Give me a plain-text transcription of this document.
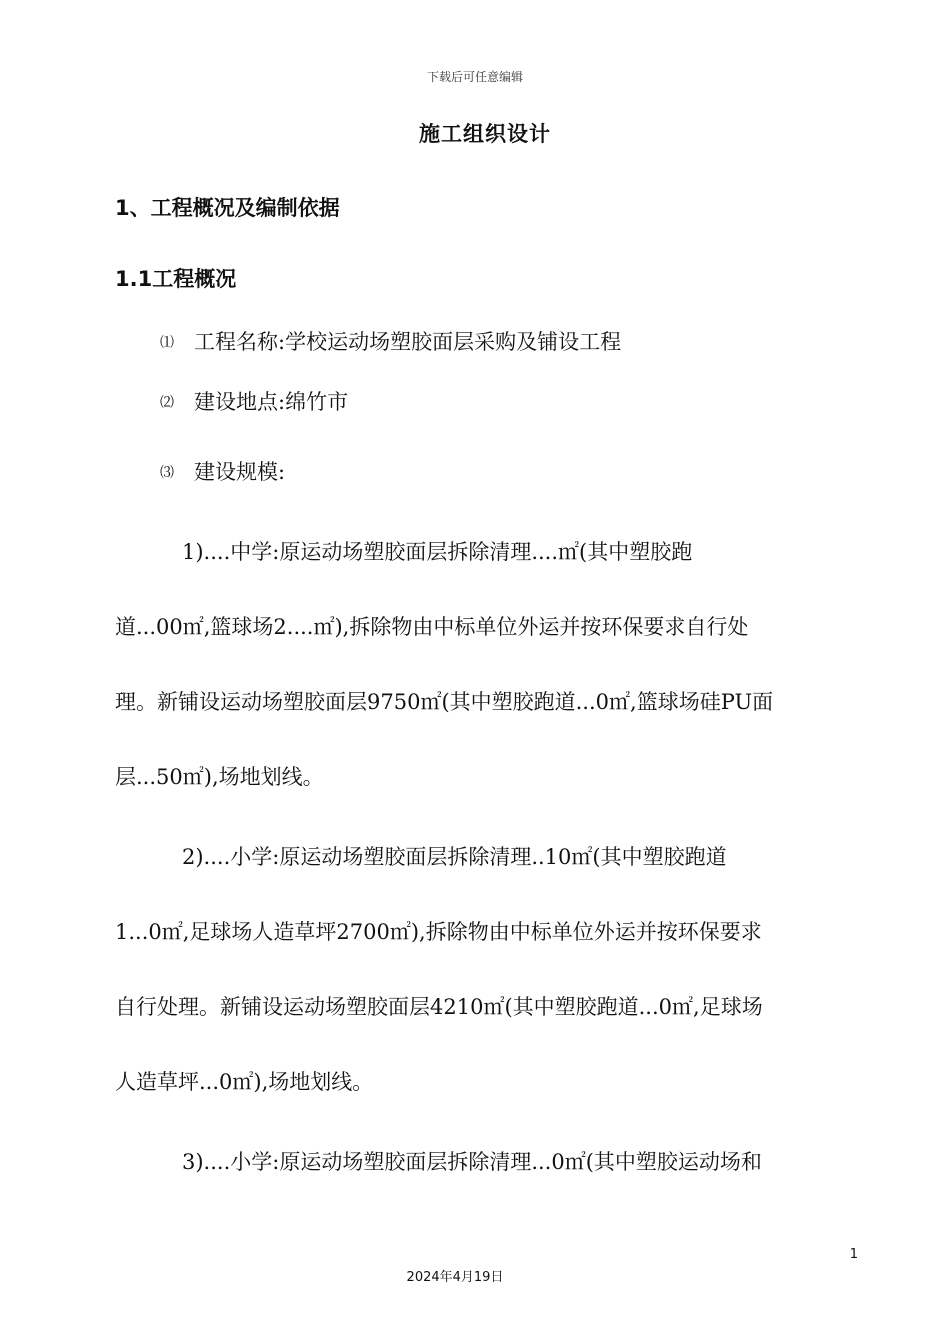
下载后可任意编辑
施工组织设计
1、工程概况及编制依据
1.1工程概况
⑴ 工程名称:学校运动场塑胶面层采购及铺设工程
⑵ 建设地点:绵竹市
⑶ 建设规模:
1)....中学:原运动场塑胶面层拆除清理....㎡(其中塑胶跑
道...00㎡,篮球场2....㎡),拆除物由中标单位外运并按环保要求自行处
理。新铺设运动场塑胶面层9750㎡(其中塑胶跑道...0㎡,篮球场硅PU面
层...50㎡),场地划线。
2)....小学:原运动场塑胶面层拆除清理..10㎡(其中塑胶跑道
1...0㎡,足球场人造草坪2700㎡),拆除物由中标单位外运并按环保要求
自行处理。新铺设运动场塑胶面层4210㎡(其中塑胶跑道...0㎡,足球场
人造草坪...0㎡),场地划线。
3)....小学:原运动场塑胶面层拆除清理...0㎡(其中塑胶运动场和
1
2024年4月19日
